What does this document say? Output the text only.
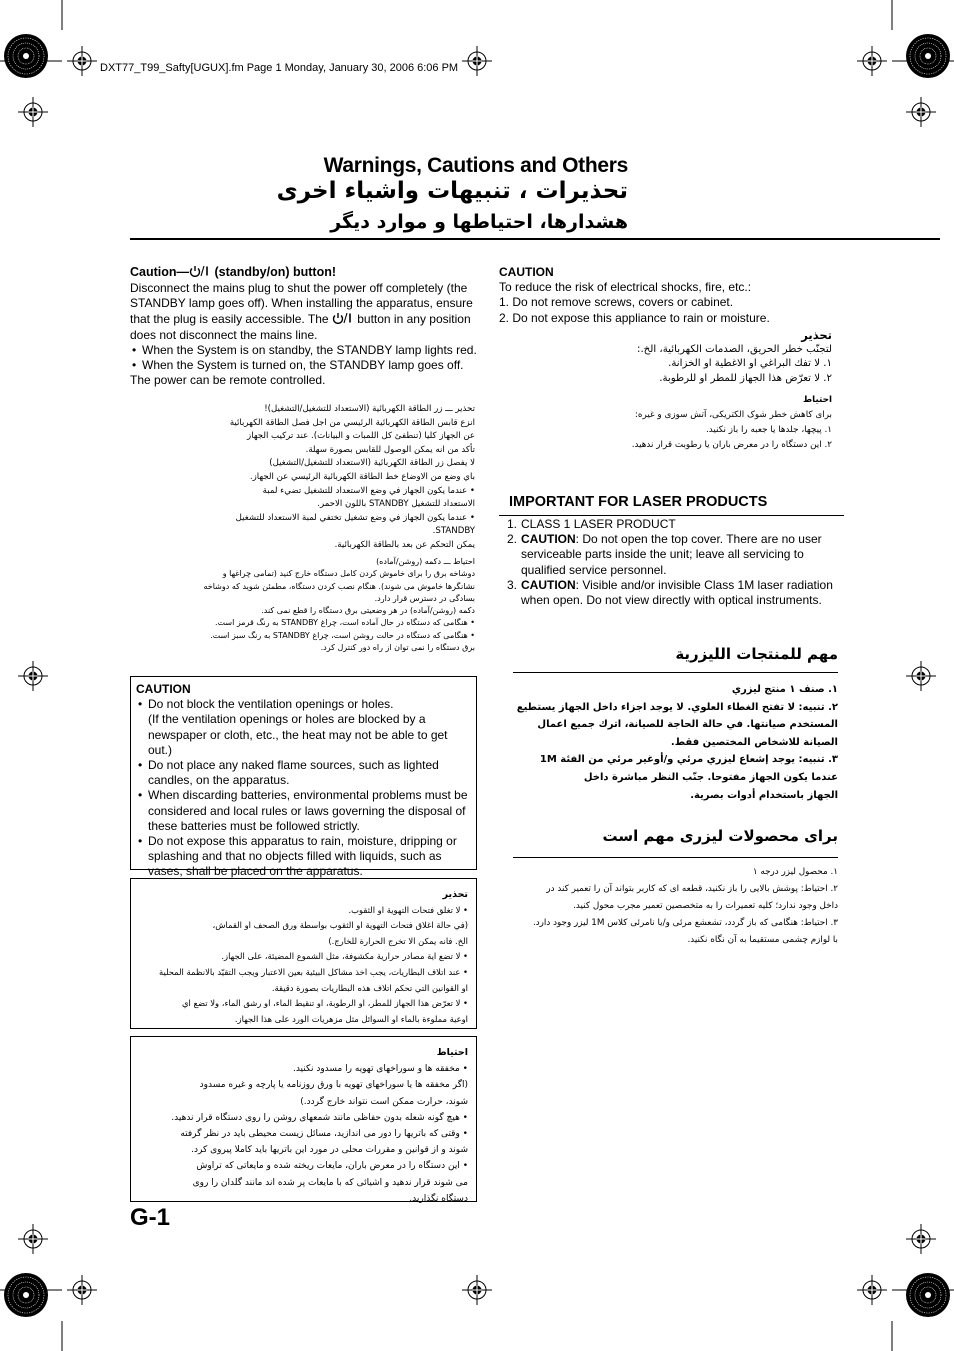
DXT77_T99_Safty[UGUX].fm Page 1 Monday, January 30, 2006 6:06 PM
Warnings, Cautions and Others
تحذيرات ، تنبيهات واشياء اخرى
هشدارها، احتياطها و موارد ديگر
Caution— (standby/on) button!
Disconnect the mains plug to shut the power off completely (the STANDBY lamp goes off). When installing the apparatus, ensure that the plug is easily accessible. The  button in any position does not disconnect the mains line.
• When the System is on standby, the STANDBY lamp lights red.
• When the System is turned on, the STANDBY lamp goes off.
The power can be remote controlled.
تحذير ـــ زر الطاقة الكهربائية (الاستعداد للتشغيل/التشغيل)!
انزع قابس الطاقة الكهربائية الرئيسي من اجل فصل الطاقة الكهربائية
عن الجهاز كليا (تنطفئ كل اللمبات و البيانات). عند تركيب الجهاز
تأكد من انه يمكن الوصول للقابس بصورة سهلة.
لا يفصل زر الطاقة الكهربائية (الاستعداد للتشغيل/التشغيل)
باي وضع من الاوضاع خط الطاقة الكهربائية الرئيسي عن الجهاز.
• عندما يكون الجهاز في وضع الاستعداد للتشغيل تضيء لمبة
الاستعداد للتشغيل STANDBY باللون الاحمر.
• عندما يكون الجهاز في وضع تشغيل تختفي لمبة الاستعداد للتشغيل
STANDBY.
يمكن التحكم عن بعد بالطاقة الكهربائية.
احتياط ـــ دكمه (روشن/آماده)
دوشاخه برق را براى خاموش كردن كامل دستگاه خارج كنيد (تمامى چراغها و
نشانگرها خاموش مى شوند). هنگام نصب كردن دستگاه، مطمئن شويد كه دوشاخه
بسادگى در دسترس قرار دارد.
دكمه (روشن/آماده) در هر وضعيتى برق دستگاه را قطع نمى كند.
• هنگامى كه دستگاه در حال آماده است، چراغ STANDBY به رنگ قرمز است.
• هنگامى كه دستگاه در حالت روشن است، چراغ STANDBY به رنگ سبز است.
برق دستگاه را نمى توان از راه دور كنترل كرد.
CAUTION
• Do not block the ventilation openings or holes.
(If the ventilation openings or holes are blocked by a newspaper or cloth, etc., the heat may not be able to get out.)
• Do not place any naked flame sources, such as lighted candles, on the apparatus.
• When discarding batteries, environmental problems must be considered and local rules or laws governing the disposal of these batteries must be followed strictly.
• Do not expose this apparatus to rain, moisture, dripping or splashing and that no objects filled with liquids, such as vases, shall be placed on the apparatus.
تحذير
• لا تغلق فتحات التهوية او الثقوب.
(في حالة اغلاق فتحات التهوية او الثقوب بواسطة ورق الصحف او القماش،
الخ. فانه يمكن الا تخرج الحرارة للخارج.)
• لا تضع اية مصادر حرارية مكشوفة، مثل الشموع المضيئة، على الجهاز.
• عند اتلاف البطاريات، يجب اخذ مشاكل البيئية بعين الاعتبار ويجب التقيّد بالانظمة المحلية
او القوانين التي تحكم اتلاف هذه البطاريات بصورة دقيقة.
• لا تعرّض هذا الجهاز للمطر، او الرطوبة، او تنقيط الماء، او رشق الماء، ولا تضع اي
اوعية مملوءة بالماء او السوائل مثل مزهريات الورد على هذا الجهاز.
احتياط
• مخفقه ها و سوراخهاى تهويه را مسدود نكنيد.
(اگر مخفقه ها يا سوراخهاى تهويه با ورق روزنامه يا پارچه و غيره مسدود
شوند، حرارت ممكن است نتواند خارج گردد.)
• هيچ گونه شعله بدون حفاظى مانند شمعهاى روشن را روى دستگاه قرار ندهيد.
• وقتى كه باتريها را دور مى اندازيد، مسائل زيست محيطى بايد در نظر گرفته
شوند و از قوانين و مقررات محلى در مورد اين باتريها بايد كاملا پيروى كرد.
• اين دستگاه را در معرض باران، مايعات ريخته شده و مايعاتى كه تراوش
مى شوند قرار ندهيد و اشيائى كه با مايعات پر شده اند مانند گلدان را روى
دستگاه نگذاريد.
G-1
CAUTION
To reduce the risk of electrical shocks, fire, etc.:
1. Do not remove screws, covers or cabinet.
2. Do not expose this appliance to rain or moisture.
تحذير
لتجنّب خطر الحريق، الصدمات الكهربائية، الخ.:
١. لا تفك البراغي او الاغطية او الخزانة.
٢. لا تعرّض هذا الجهاز للمطر او للرطوبة.
احتياط
براى كاهش خطر شوک الكتريكى، آتش سوزى و غيره:
١. پيچها، جلدها يا جعبه را باز نكنيد.
٢. اين دستگاه را در معرض باران يا رطوبت قرار ندهيد.
IMPORTANT FOR LASER PRODUCTS
1. CLASS 1 LASER PRODUCT
2. CAUTION: Do not open the top cover. There are no user serviceable parts inside the unit; leave all servicing to qualified service personnel.
3. CAUTION: Visible and/or invisible Class 1M laser radiation when open. Do not view directly with optical instruments.
مهم للمنتجات الليزرية
١. صنف ١ منتج ليزري
٢. تنبيه: لا تفتح الغطاء العلوي. لا يوجد اجزاء داخل الجهاز يستطيع
المستخدم صيانتها. في حالة الحاجة للصيانة، اترك جميع اعمال
الصيانة للاشخاص المختصين فقط.
٣. تنبيه: يوجد إشعاع ليزري مرئي و/أوغير مرئي من الفئة 1M
عندما يكون الجهاز مفتوحا. جنّب النظر مباشرة داخل
الجهاز باستخدام أدوات بصرية.
براى محصولات ليزرى مهم است
١. محصول ليزر درجه ١
٢. احتياط: پوشش بالايى را باز نكنيد، قطعه اى كه كاربر بتواند آن را تعمير كند در
داخل وجود ندارد؛ كليه تعميرات را به متخصصين تعمير مجرب محول كنيد.
٣. احتياط: هنگامى كه باز گردد، تشعشع مرئى و/يا نامرئى كلاس 1M ليزر وجود دارد.
با لوازم چشمى مستقيما به آن نگاه نكنيد.
